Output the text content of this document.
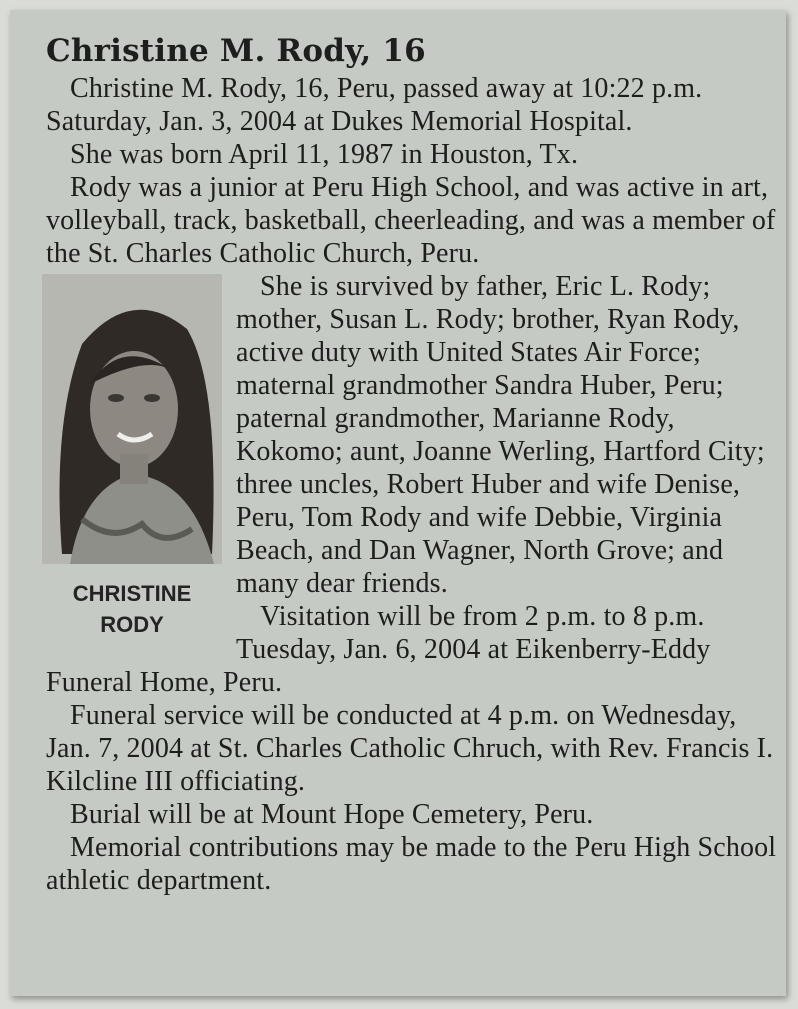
Christine M. Rody, 16

Christine M. Rody, 16, Peru, passed away at 10:22 p.m. Saturday, Jan. 3, 2004 at Dukes Memorial Hospital.

She was born April 11, 1987 in Houston, Tx.

Rody was a junior at Peru High School, and was active in art, volleyball, track, basketball, cheerleading, and was a member of the St. Charles Catholic Church, Peru.

CHRISTINE
RODY

She is survived by father, Eric L. Rody; mother, Susan L. Rody; brother, Ryan Rody, active duty with United States Air Force; maternal grandmother Sandra Huber, Peru; paternal grandmother, Marianne Rody, Kokomo; aunt, Joanne Werling, Hartford City; three uncles, Robert Huber and wife Denise, Peru, Tom Rody and wife Debbie, Virginia Beach, and Dan Wagner, North Grove; and many dear friends.

Visitation will be from 2 p.m. to 8 p.m. Tuesday, Jan. 6, 2004 at Eikenberry-Eddy Funeral Home, Peru.

Funeral service will be conducted at 4 p.m. on Wednesday, Jan. 7, 2004 at St. Charles Catholic Chruch, with Rev. Francis I. Kilcline III officiating.

Burial will be at Mount Hope Cemetery, Peru.

Memorial contributions may be made to the Peru High School athletic department.
